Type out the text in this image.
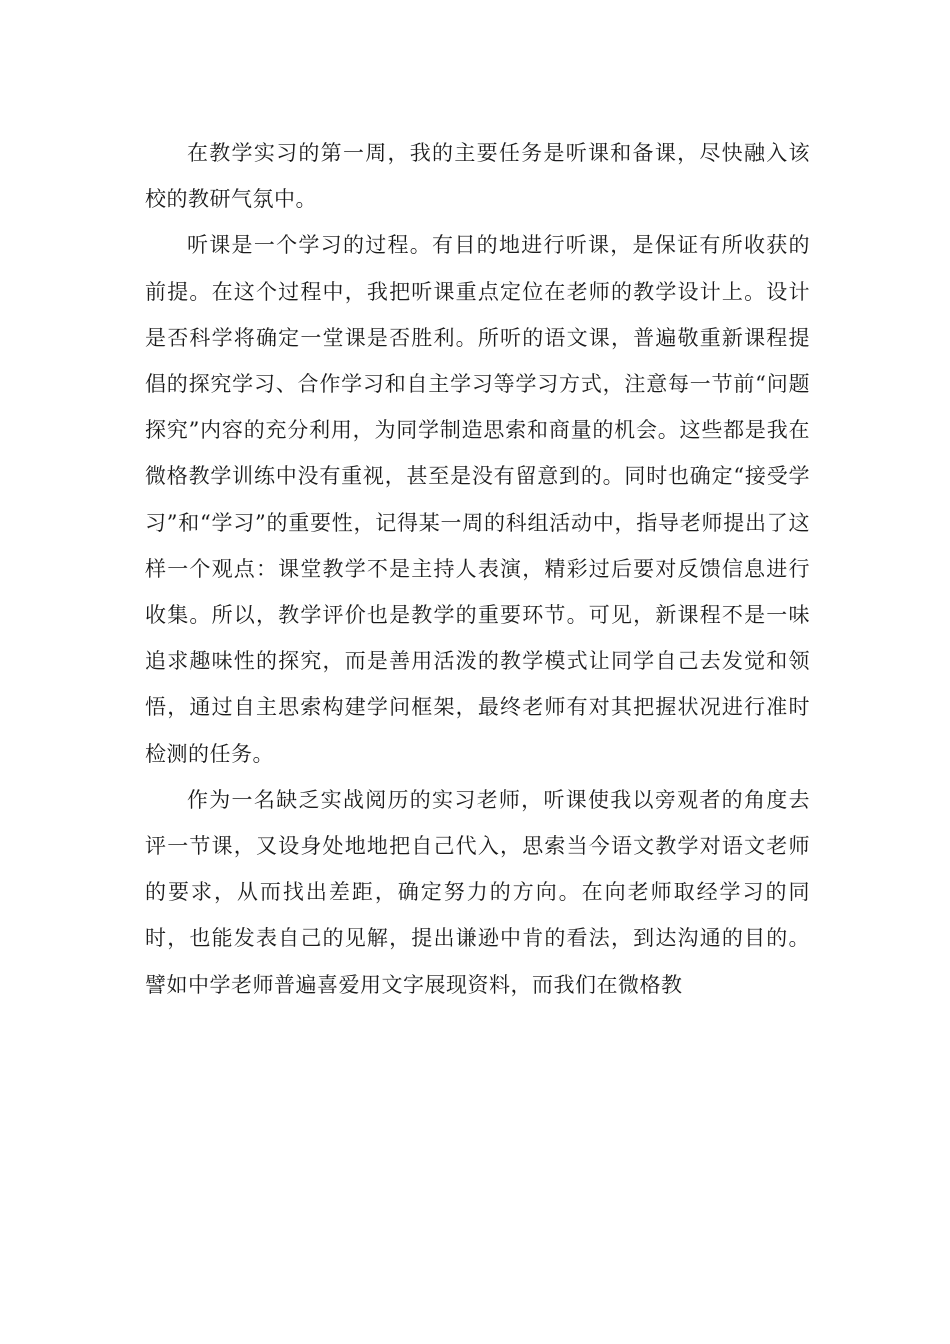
在教学实习的第一周，我的主要任务是听课和备课，尽快融入该校的教研气氛中。

听课是一个学习的过程。有目的地进行听课，是保证有所收获的前提。在这个过程中，我把听课重点定位在老师的教学设计上。设计是否科学将确定一堂课是否胜利。所听的语文课，普遍敬重新课程提倡的探究学习、合作学习和自主学习等学习方式，注意每一节前“问题探究”内容的充分利用，为同学制造思索和商量的机会。这些都是我在微格教学训练中没有重视，甚至是没有留意到的。同时也确定“接受学习”和“学习”的重要性，记得某一周的科组活动中，指导老师提出了这样一个观点：课堂教学不是主持人表演，精彩过后要对反馈信息进行收集。所以，教学评价也是教学的重要环节。可见，新课程不是一味追求趣味性的探究，而是善用活泼的教学模式让同学自己去发觉和领悟，通过自主思索构建学问框架，最终老师有对其把握状况进行准时检测的任务。

作为一名缺乏实战阅历的实习老师，听课使我以旁观者的角度去评一节课，又设身处地地把自己代入，思索当今语文教学对语文老师的要求，从而找出差距，确定努力的方向。在向老师取经学习的同时，也能发表自己的见解，提出谦逊中肯的看法，到达沟通的目的。譬如中学老师普遍喜爱用文字展现资料，而我们在微格教
